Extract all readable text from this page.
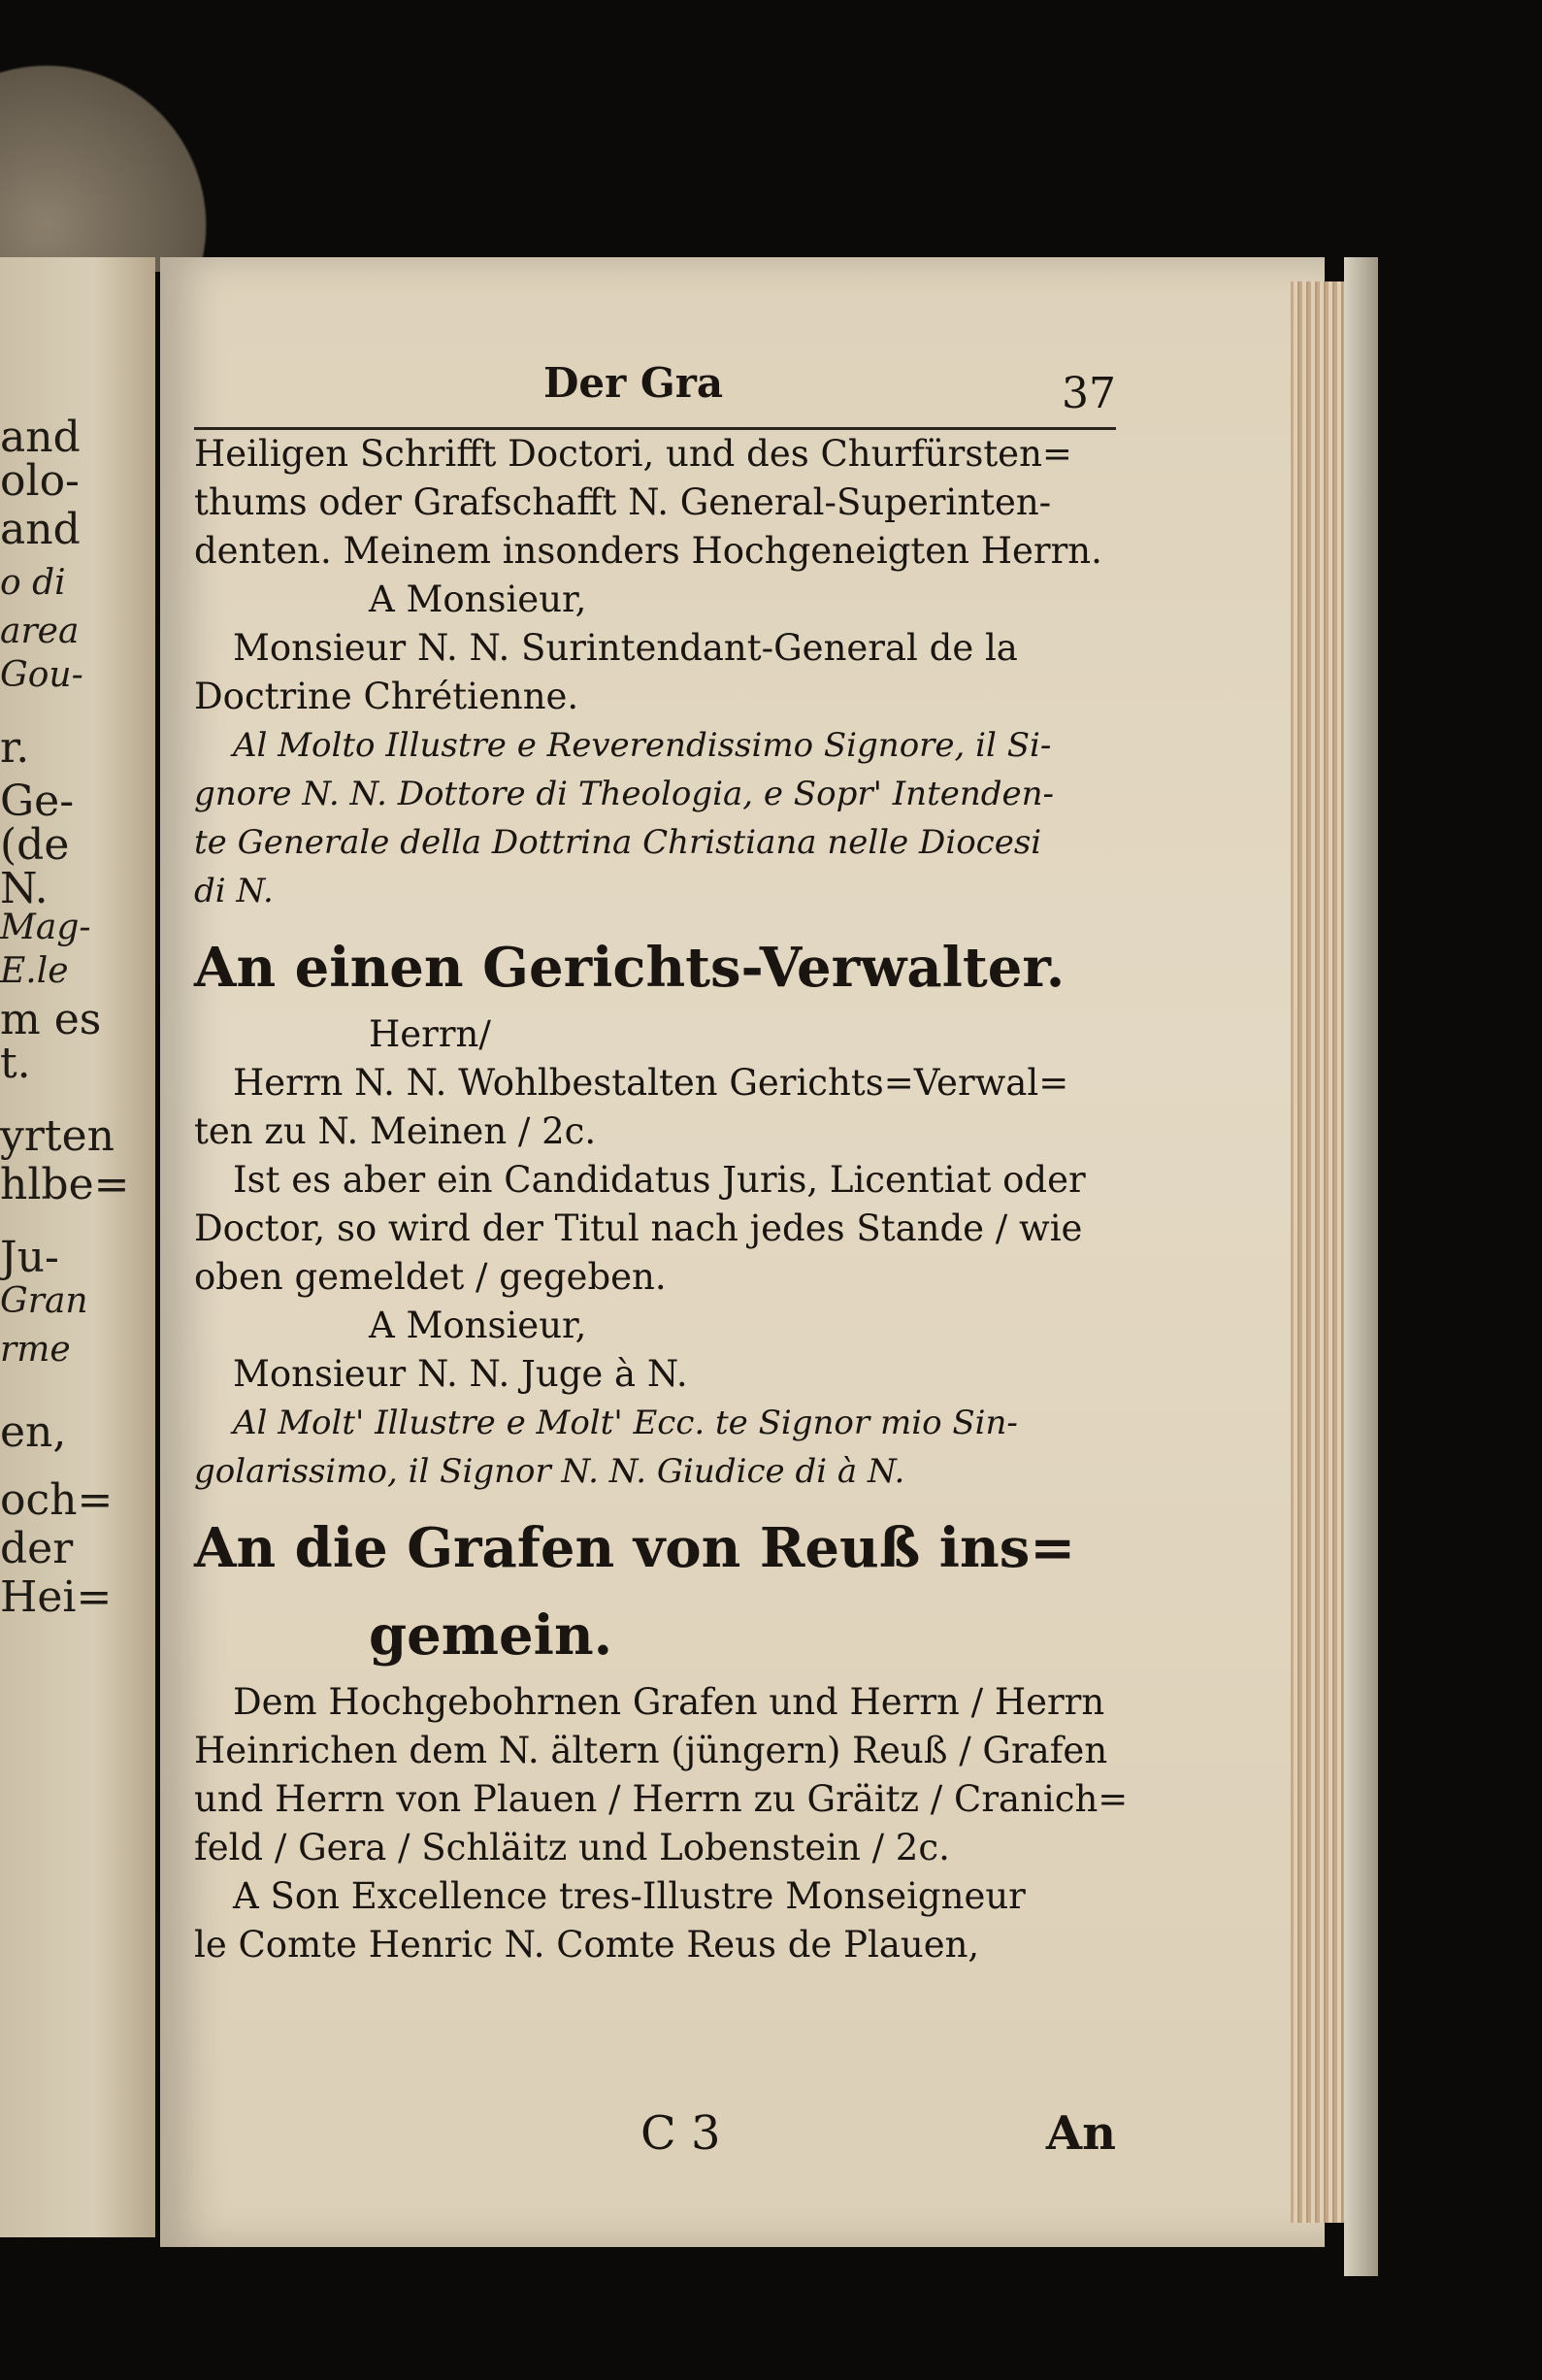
and
olo-
and
o di
area
Gou-
r.
Ge-
(de
N.
Mag-
E.le
m es
t.
yrten
hlbe=
Ju-
Gran
rme
en,
och=
der
Hei=
Der Gra	37
Heiligen Schrifft Doctori, und des Churfürsten=
thums oder Grafschafft N. General-Superinten-
denten. Meinem insonders Hochgeneigten Herrn.
A Monsieur,
Monsieur N. N. Surintendant-General de la
Doctrine Chrétienne.
Al Molto Illustre e Reverendissimo Signore, il Si-
gnore N. N. Dottore di Theologia, e Sopr' Intenden-
te Generale della Dottrina Christiana nelle Diocesi
di N.
An einen Gerichts-Verwalter.
Herrn/
Herrn N. N. Wohlbestalten Gerichts=Verwal=
ten zu N. Meinen / 2c.
Ist es aber ein Candidatus Juris, Licentiat oder
Doctor, so wird der Titul nach jedes Stande / wie
oben gemeldet / gegeben.
A Monsieur,
Monsieur N. N. Juge à N.
Al Molt' Illustre e Molt' Ecc. te Signor mio Sin-
golarissimo, il Signor N. N. Giudice di à N.
An die Grafen von Reuß ins=
gemein.
Dem Hochgebohrnen Grafen und Herrn / Herrn
Heinrichen dem N. ältern (jüngern) Reuß / Grafen
und Herrn von Plauen / Herrn zu Gräitz / Cranich=
feld / Gera / Schläitz und Lobenstein / 2c.
A Son Excellence tres-Illustre Monseigneur
le Comte Henric N. Comte Reus de Plauen,
C 3	An
